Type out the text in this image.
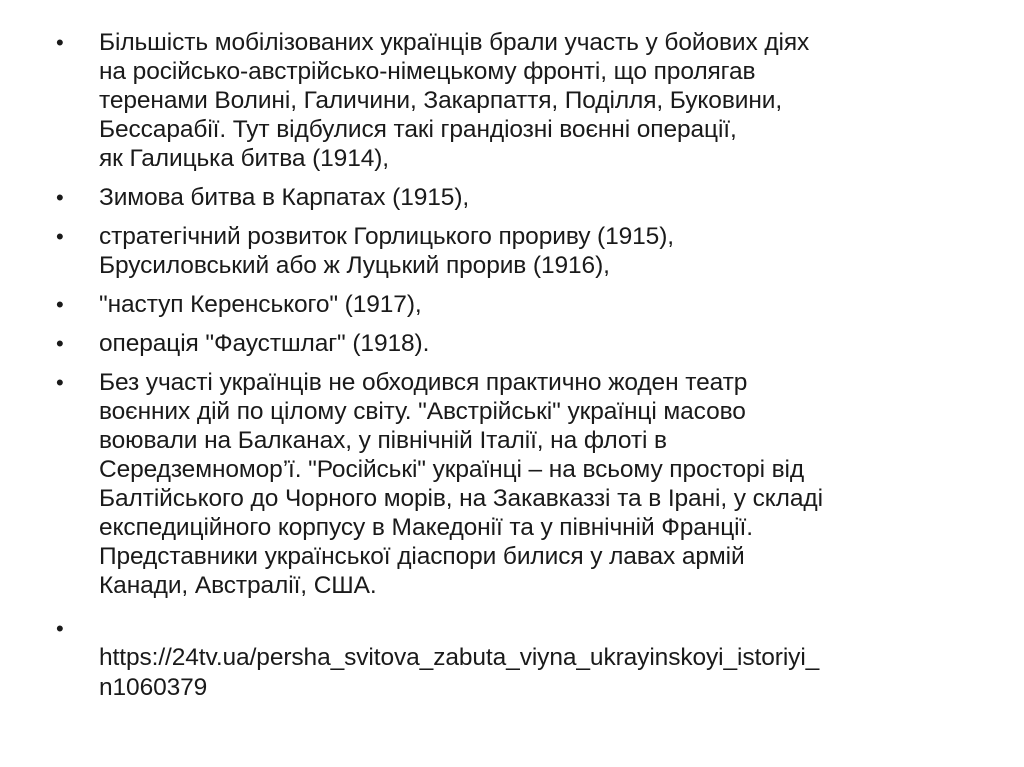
• Більшість мобілізованих українців брали участь у бойових діях
на російсько-австрійсько-німецькому фронті, що пролягав
теренами Волині, Галичини, Закарпаття, Поділля, Буковини,
Бессарабії. Тут відбулися такі грандіозні воєнні операції,
як Галицька битва (1914),
• Зимова битва в Карпатах (1915),
• стратегічний розвиток Горлицького прориву (1915),
Брусиловський або ж Луцький прорив (1916),
• "наступ Керенського" (1917),
• операція "Фаустшлаг" (1918).
• Без участі українців не обходився практично жоден театр
воєнних дій по цілому світу. "Австрійські" українці масово
воювали на Балканах, у північній Італії, на флоті в
Середземномор’ї. "Російські" українці – на всьому просторі від
Балтійського до Чорного морів, на Закавказзі та в Ірані, у складі
експедиційного корпусу в Македонії та у північній Франції.
Представники української діаспори билися у лавах армій
Канади, Австралії, США.
•
https://24tv.ua/persha_svitova_zabuta_viyna_ukrayinskoyi_istoriyi_
n1060379
